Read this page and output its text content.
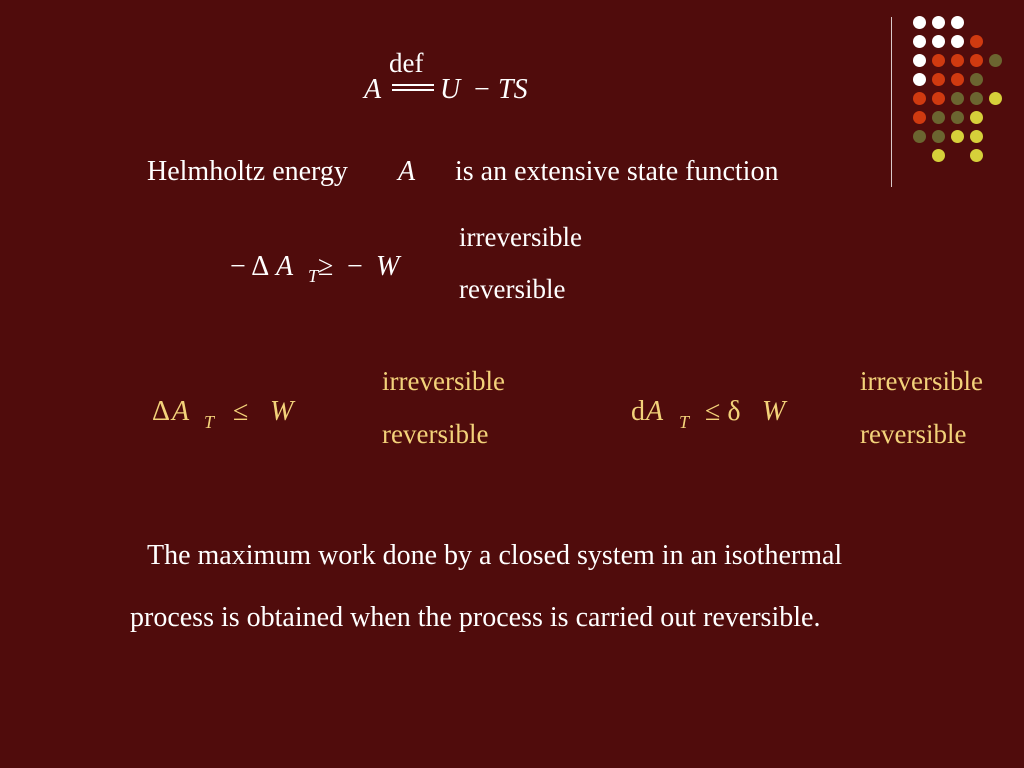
A
def
U − TS
Helmholtz energy A is an extensive state function
− Δ A T ≥ − W
irreversible
reversible
Δ A T ≤ W
irreversible
reversible
d A T ≤ δ W
irreversible
reversible
The maximum work done by a closed system in an isothermal
process is obtained when the process is carried out reversible.
